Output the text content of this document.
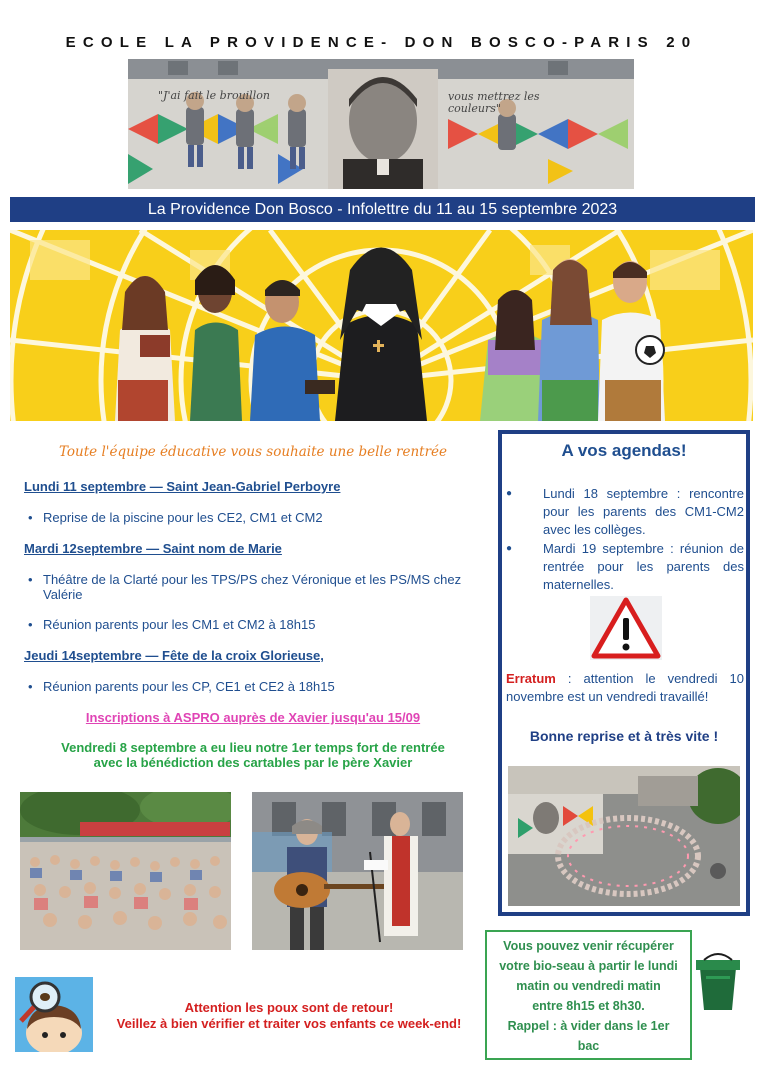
ECOLE LA PROVIDENCE- DON BOSCO-PARIS 20
"J'ai fait le brouillon	vous mettrez les couleurs"
La Providence Don Bosco - Infolettre du 11 au 15 septembre 2023
Toute l'équipe éducative vous souhaite une belle rentrée
Lundi 11 septembre — Saint Jean-Gabriel Perboyre
• Reprise de la piscine pour les CE2, CM1 et CM2
Mardi 12septembre — Saint nom de Marie
• Théâtre de la Clarté pour les TPS/PS chez Véronique et les PS/MS chez Valérie
• Réunion parents pour les CM1 et CM2 à 18h15
Jeudi 14septembre — Fête de la croix Glorieuse,
• Réunion parents pour les CP, CE1 et CE2 à 18h15
Inscriptions à ASPRO auprès de Xavier jusqu'au 15/09
Vendredi 8 septembre a eu lieu notre 1er temps fort de rentrée
avec la bénédiction des cartables par le père Xavier
A vos agendas!
●	Lundi 18 septembre : rencontre pour les parents des CM1-CM2 avec les collèges.
●	Mardi 19 septembre : réunion de rentrée pour les parents des maternelles.
Erratum : attention le vendredi 10 novembre est un vendredi travaillé!
Bonne reprise et à très vite !
Vous pouvez venir récupérer
votre bio-seau à partir le lundi
matin ou vendredi matin
entre 8h15 et 8h30.
Rappel : à vider dans le 1er
bac
Attention les poux sont de retour!
Veillez à bien vérifier et traiter vos enfants ce week-end!
